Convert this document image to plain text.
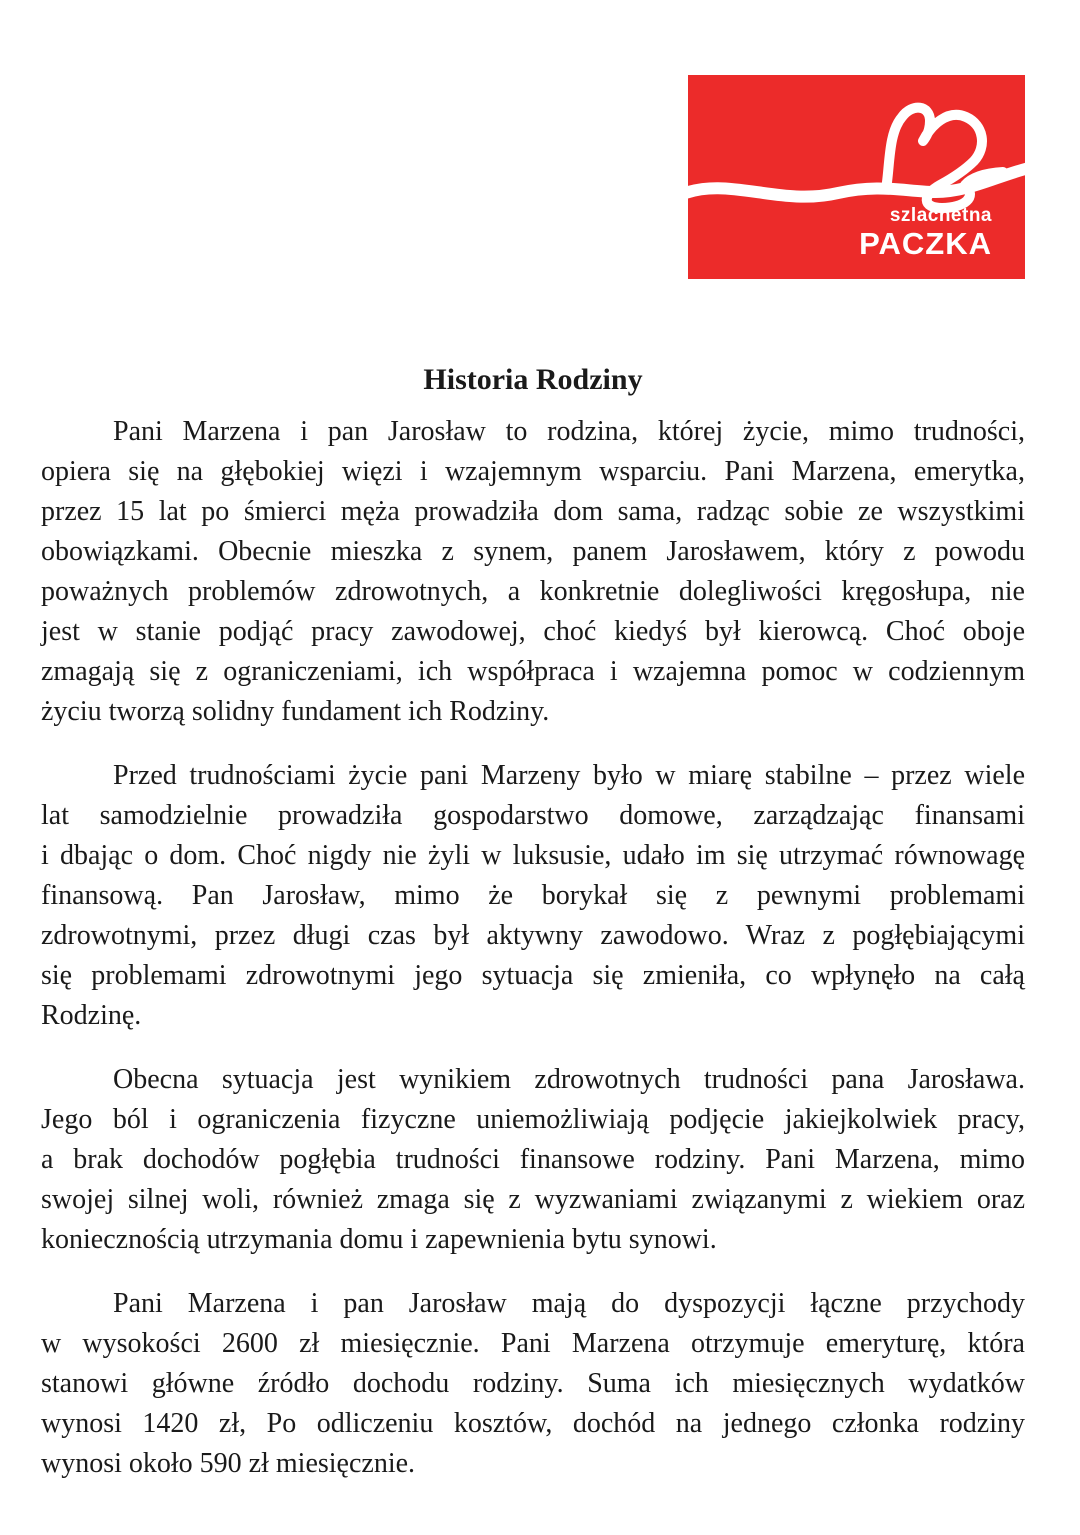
szlachetna
PACZKA
Historia Rodziny
Pani Marzena i pan Jarosław to rodzina, której życie, mimo trudności,
opiera się na głębokiej więzi i wzajemnym wsparciu. Pani Marzena, emerytka,
przez 15 lat po śmierci męża prowadziła dom sama, radząc sobie ze wszystkimi
obowiązkami. Obecnie mieszka z synem, panem Jarosławem, który z powodu
poważnych problemów zdrowotnych, a konkretnie dolegliwości kręgosłupa, nie
jest w stanie podjąć pracy zawodowej, choć kiedyś był kierowcą. Choć oboje
zmagają się z ograniczeniami, ich współpraca i wzajemna pomoc w codziennym
życiu tworzą solidny fundament ich Rodziny.
Przed trudnościami życie pani Marzeny było w miarę stabilne – przez wiele
lat samodzielnie prowadziła gospodarstwo domowe, zarządzając finansami
i dbając o dom. Choć nigdy nie żyli w luksusie, udało im się utrzymać równowagę
finansową. Pan Jarosław, mimo że borykał się z pewnymi problemami
zdrowotnymi, przez długi czas był aktywny zawodowo. Wraz z pogłębiającymi
się problemami zdrowotnymi jego sytuacja się zmieniła, co wpłynęło na całą
Rodzinę.
Obecna sytuacja jest wynikiem zdrowotnych trudności pana Jarosława.
Jego ból i ograniczenia fizyczne uniemożliwiają podjęcie jakiejkolwiek pracy,
a brak dochodów pogłębia trudności finansowe rodziny. Pani Marzena, mimo
swojej silnej woli, również zmaga się z wyzwaniami związanymi z wiekiem oraz
koniecznością utrzymania domu i zapewnienia bytu synowi.
Pani Marzena i pan Jarosław mają do dyspozycji łączne przychody
w wysokości 2600 zł miesięcznie. Pani Marzena otrzymuje emeryturę, która
stanowi główne źródło dochodu rodziny. Suma ich miesięcznych wydatków
wynosi 1420 zł, Po odliczeniu kosztów, dochód na jednego członka rodziny
wynosi około 590 zł miesięcznie.
